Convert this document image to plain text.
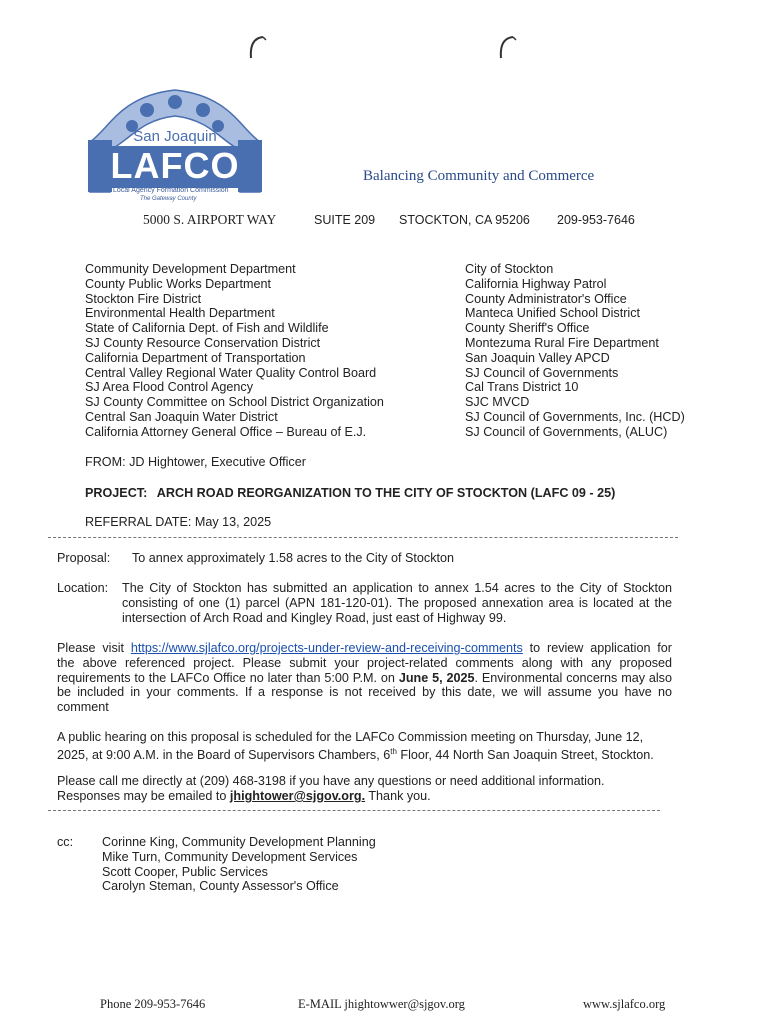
San Joaquin
LAFCO
Local Agency Formation Commission
The Gateway County
Balancing Community and Commerce
5000 S. AIRPORT WAY	SUITE 209 STOCKTON, CA 95206 209-953-7646
Community Development Department
County Public Works Department
Stockton Fire District
Environmental Health Department
State of California Dept. of Fish and Wildlife
SJ County Resource Conservation District
California Department of Transportation
Central Valley Regional Water Quality Control Board
SJ Area Flood Control Agency
SJ County Committee on School District Organization
Central San Joaquin Water District
California Attorney General Office – Bureau of E.J.
City of Stockton
California Highway Patrol
County Administrator's Office
Manteca Unified School District
County Sheriff's Office
Montezuma Rural Fire Department
San Joaquin Valley APCD
SJ Council of Governments
Cal Trans District 10
SJC MVCD
SJ Council of Governments, Inc. (HCD)
SJ Council of Governments, (ALUC)
FROM: JD Hightower, Executive Officer
PROJECT: ARCH ROAD REORGANIZATION TO THE CITY OF STOCKTON (LAFC 09 - 25)
REFERRAL DATE: May 13, 2025
Proposal: To annex approximately 1.58 acres to the City of Stockton
Location: The City of Stockton has submitted an application to annex 1.54 acres to the City of Stockton consisting of one (1) parcel (APN 181-120-01). The proposed annexation area is located at the intersection of Arch Road and Kingley Road, just east of Highway 99.

Please visit https://www.sjlafco.org/projects-under-review-and-receiving-comments to review application for the above referenced project. Please submit your project-related comments along with any proposed requirements to the LAFCo Office no later than 5:00 P.M. on June 5, 2025. Environmental concerns may also be included in your comments. If a response is not received by this date, we will assume you have no comment

A public hearing on this proposal is scheduled for the LAFCo Commission meeting on Thursday, June 12, 2025, at 9:00 A.M. in the Board of Supervisors Chambers, 6th Floor, 44 North San Joaquin Street, Stockton.

Please call me directly at (209) 468-3198 if you have any questions or need additional information.
Responses may be emailed to jhightower@sjgov.org. Thank you.
cc: Corinne King, Community Development Planning
Mike Turn, Community Development Services
Scott Cooper, Public Services
Carolyn Steman, County Assessor's Office
Phone 209-953-7646	E-MAIL jhightowwer@sjgov.org	www.sjlafco.org
